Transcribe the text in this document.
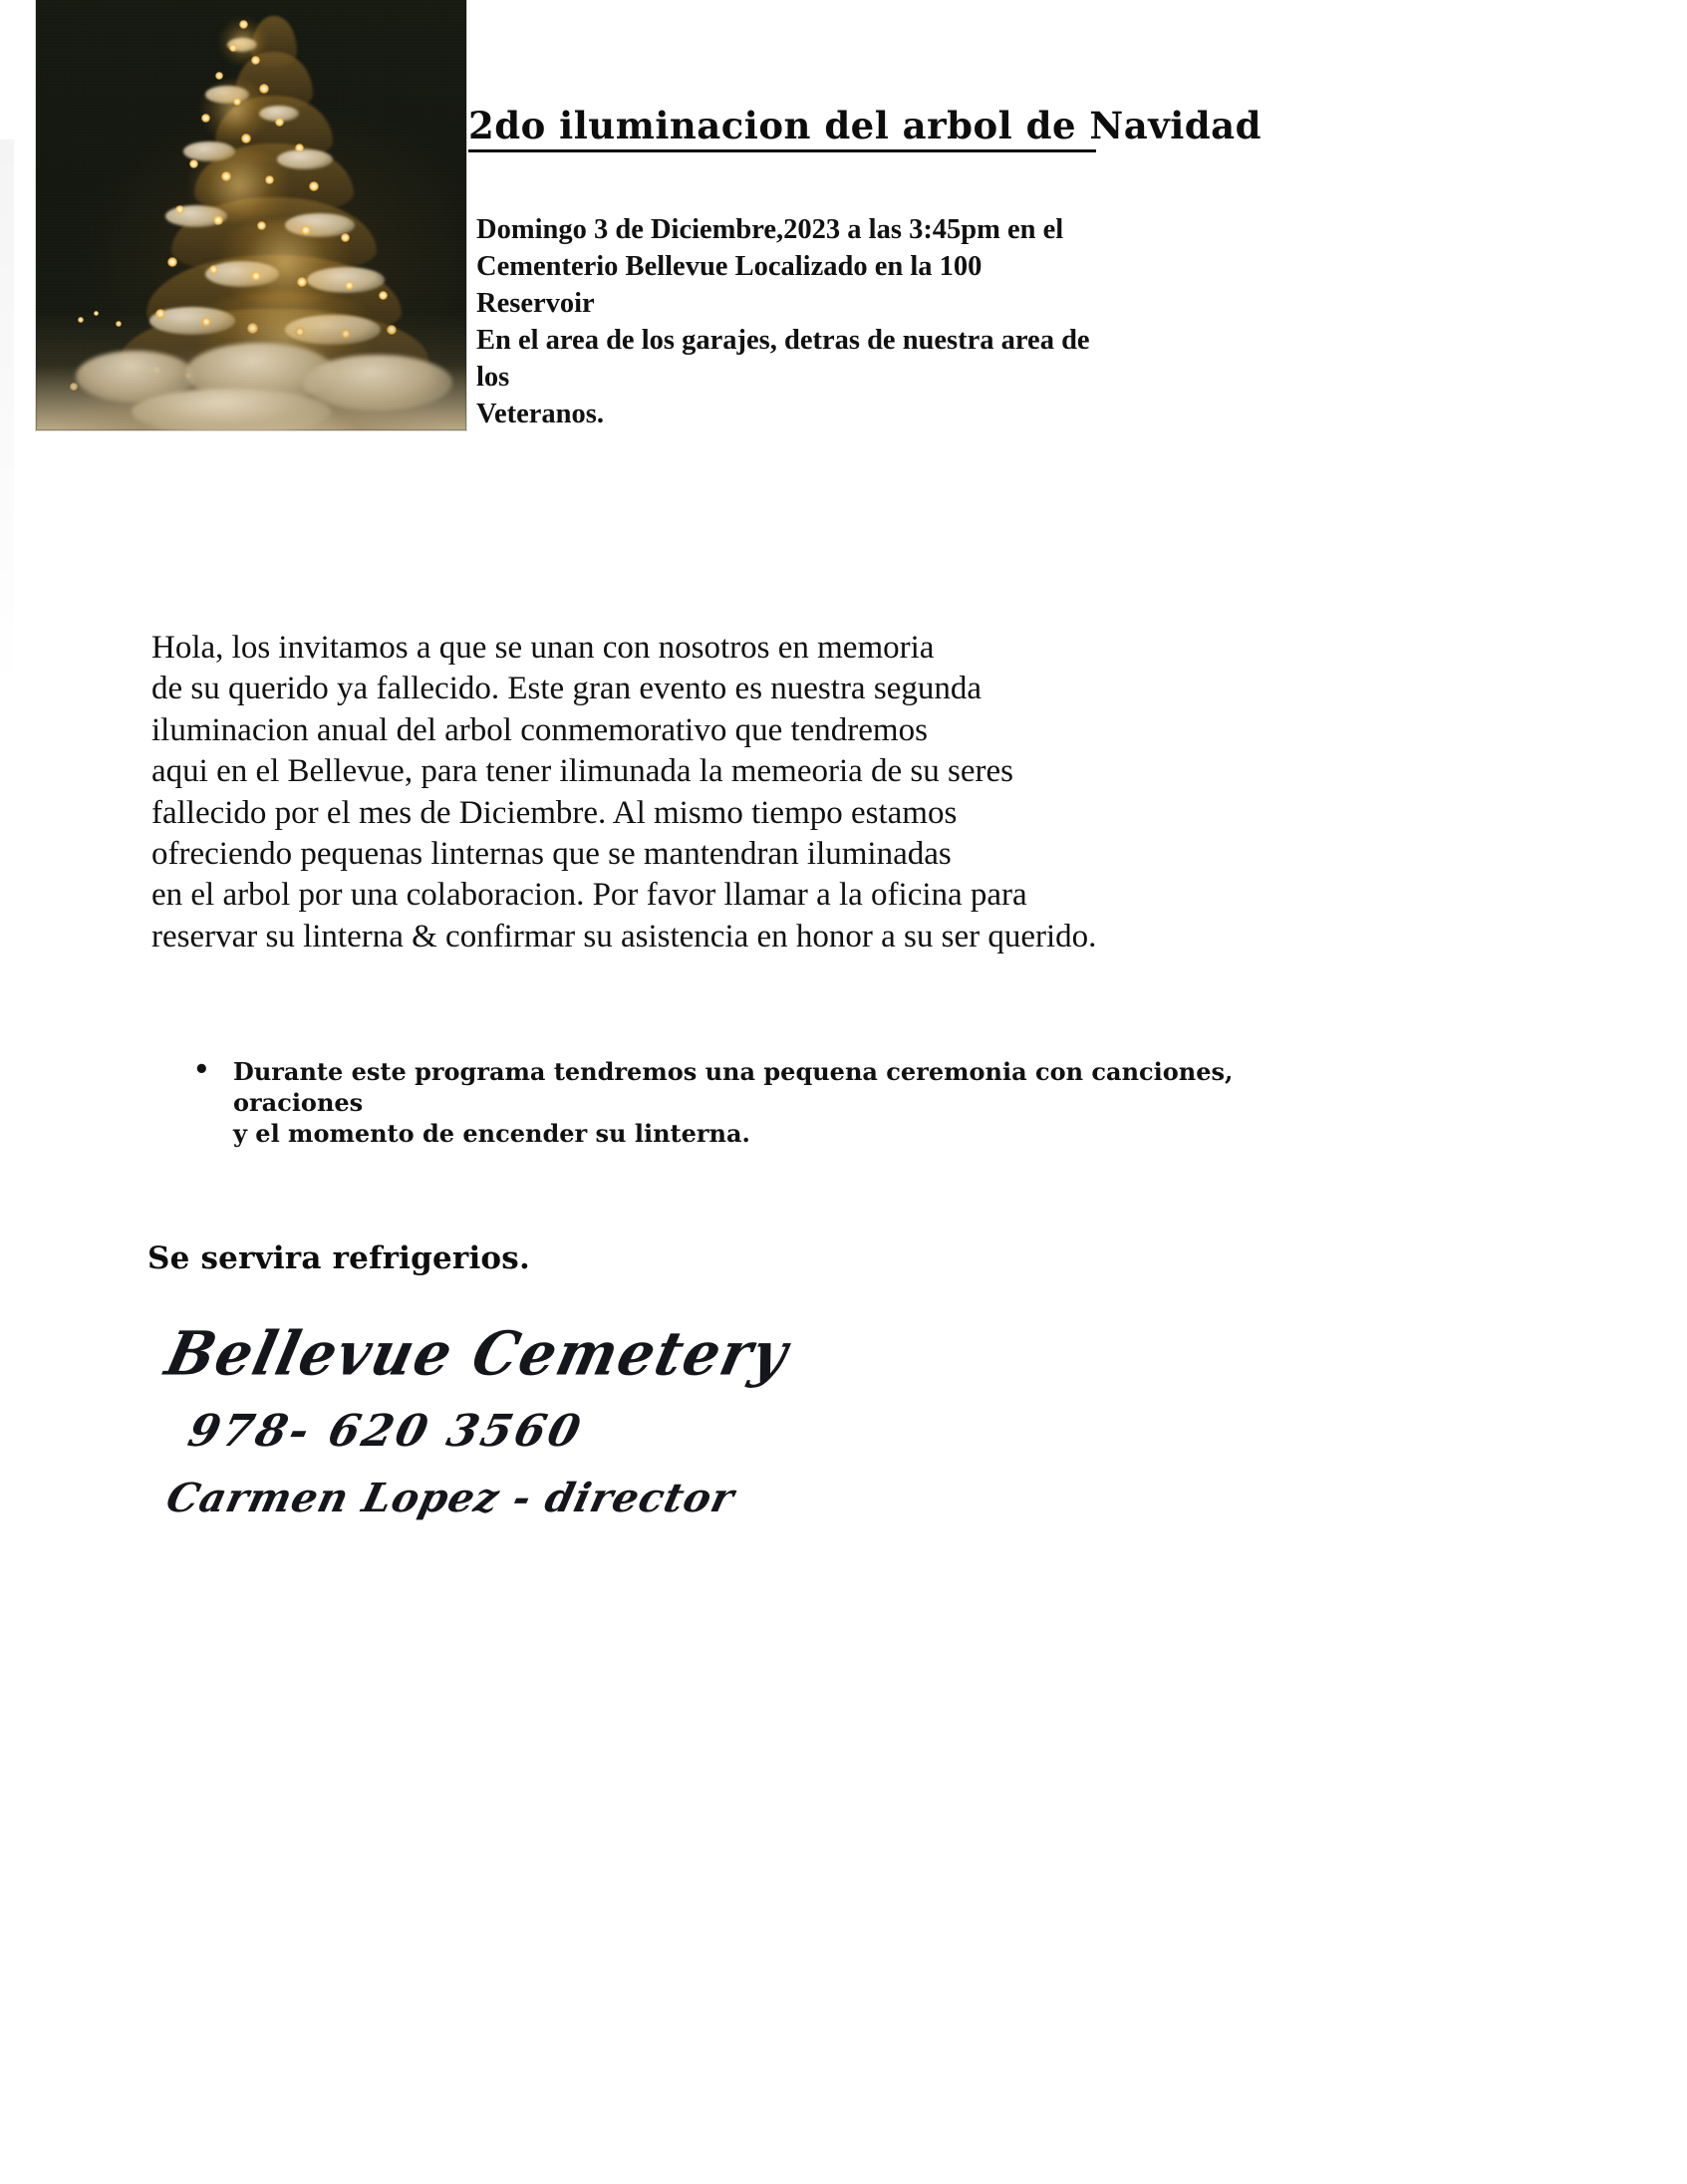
2do iluminacion del arbol de Navidad
Domingo 3 de Diciembre,2023 a las 3:45pm en el
Cementerio Bellevue Localizado en la 100 Reservoir
En el area de los garajes, detras de nuestra area de los
Veteranos.
Hola, los invitamos a que se unan con nosotros en memoria
de su querido ya fallecido. Este gran evento es nuestra segunda
iluminacion anual del arbol conmemorativo que tendremos
aqui en el Bellevue, para tener ilimunada la memeoria de su seres
fallecido por el mes de Diciembre. Al mismo tiempo estamos
ofreciendo pequenas linternas que se mantendran iluminadas
en el arbol por una colaboracion. Por favor llamar a la oficina para
reservar su linterna & confirmar su asistencia en honor a su ser querido.
• Durante este programa tendremos una pequena ceremonia con canciones, oraciones
y el momento de encender su linterna.
Se servira refrigerios.
Bellevue Cemetery
978- 620 3560
Carmen Lopez - director
